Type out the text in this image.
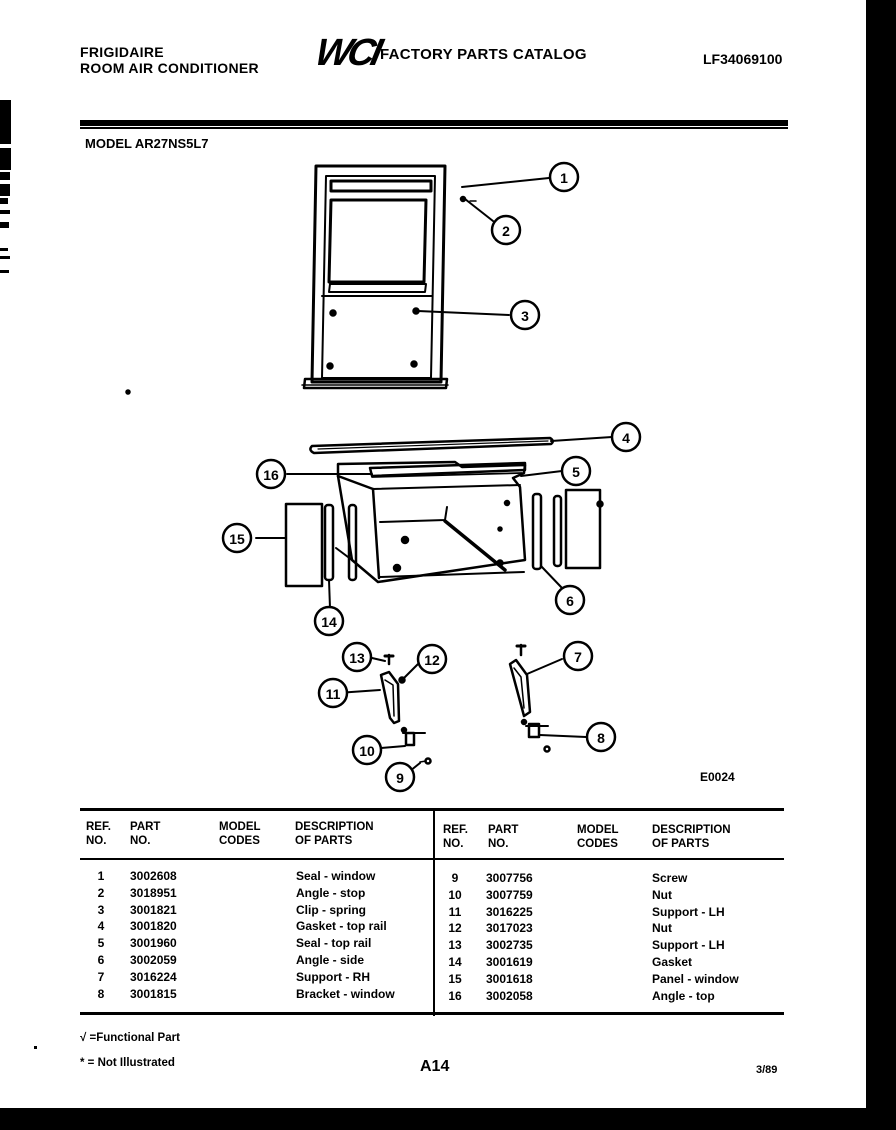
FRIGIDAIRE
ROOM AIR CONDITIONER WCI
FACTORY PARTS CATALOG	LF34069100
MODEL AR27NS5L7
1
2
3
4
5
6
7
8
9
10
11
12
13
14
15
16
E0024
REF.
NO.
PART
NO.
MODEL
CODES
DESCRIPTION
OF PARTS
REF.
NO.
PART
NO.
MODEL
CODES
DESCRIPTION
OF PARTS
1 3002608	Seal - window
2 3018951	Angle - stop
3 3001821	Clip - spring
4 3001820	Gasket - top rail
5 3001960	Seal - top rail
6 3002059	Angle - side
7 3016224	Support - RH
8 3001815	Bracket - window
9 3007756	Screw
10 3007759	Nut
11 3016225	Support - LH
12 3017023	Nut
13 3002735	Support - LH
14 3001619	Gasket
15 3001618	Panel - window
16 3002058	Angle - top
√ =Functional Part
* = Not Illustrated	A14	3/89
